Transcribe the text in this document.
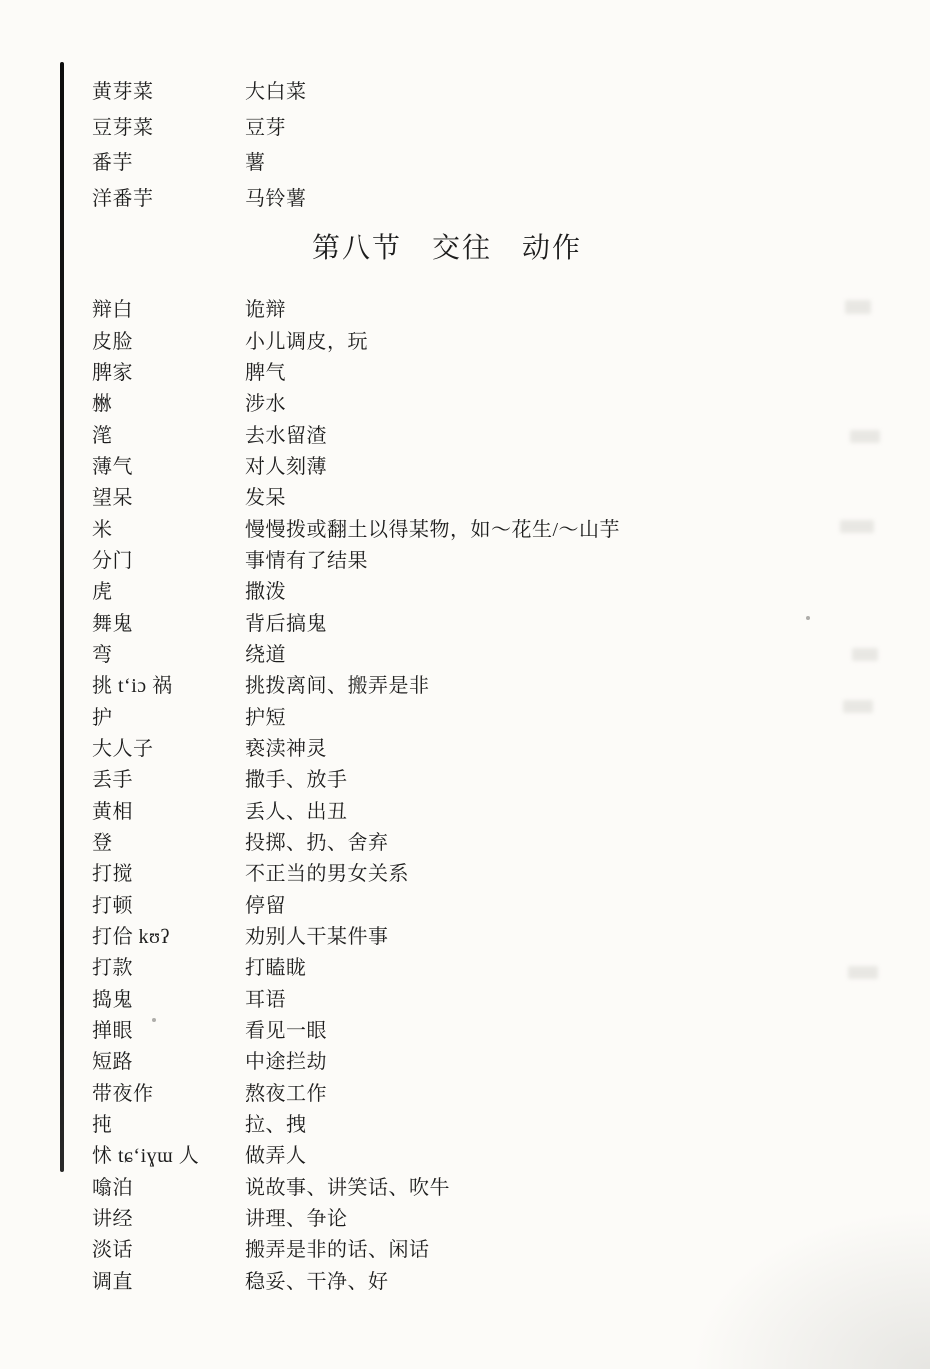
黄芽菜	大白菜
豆芽菜	豆芽
番芋	薯
洋番芋	马铃薯
第八节　交往　动作
辩白	诡辩
皮脸	小儿调皮，玩
脾家	脾气
㴇	涉水
滗	去水留渣
薄气	对人刻薄
望呆	发呆
米	慢慢拨或翻土以得某物，如～花生/～山芋
分门	事情有了结果
虎	撒泼
舞鬼	背后搞鬼
弯	绕道
挑 t‘iɔ 祸	挑拨离间、搬弄是非
护	护短
大人子	亵渎神灵
丢手	撒手、放手
黄相	丢人、出丑
登	投掷、扔、舍弃
打搅	不正当的男女关系
打顿	停留
打佮 kʊʔ	劝别人干某件事
打款	打瞌眬
捣鬼	耳语
掸眼	看见一眼
短路	中途拦劫
带夜作	熬夜工作
扽	拉、拽
怵 tɕ‘iɣɯ 人	做弄人
噏泊	说故事、讲笑话、吹牛
讲经	讲理、争论
淡话	搬弄是非的话、闲话
调直	稳妥、干净、好
